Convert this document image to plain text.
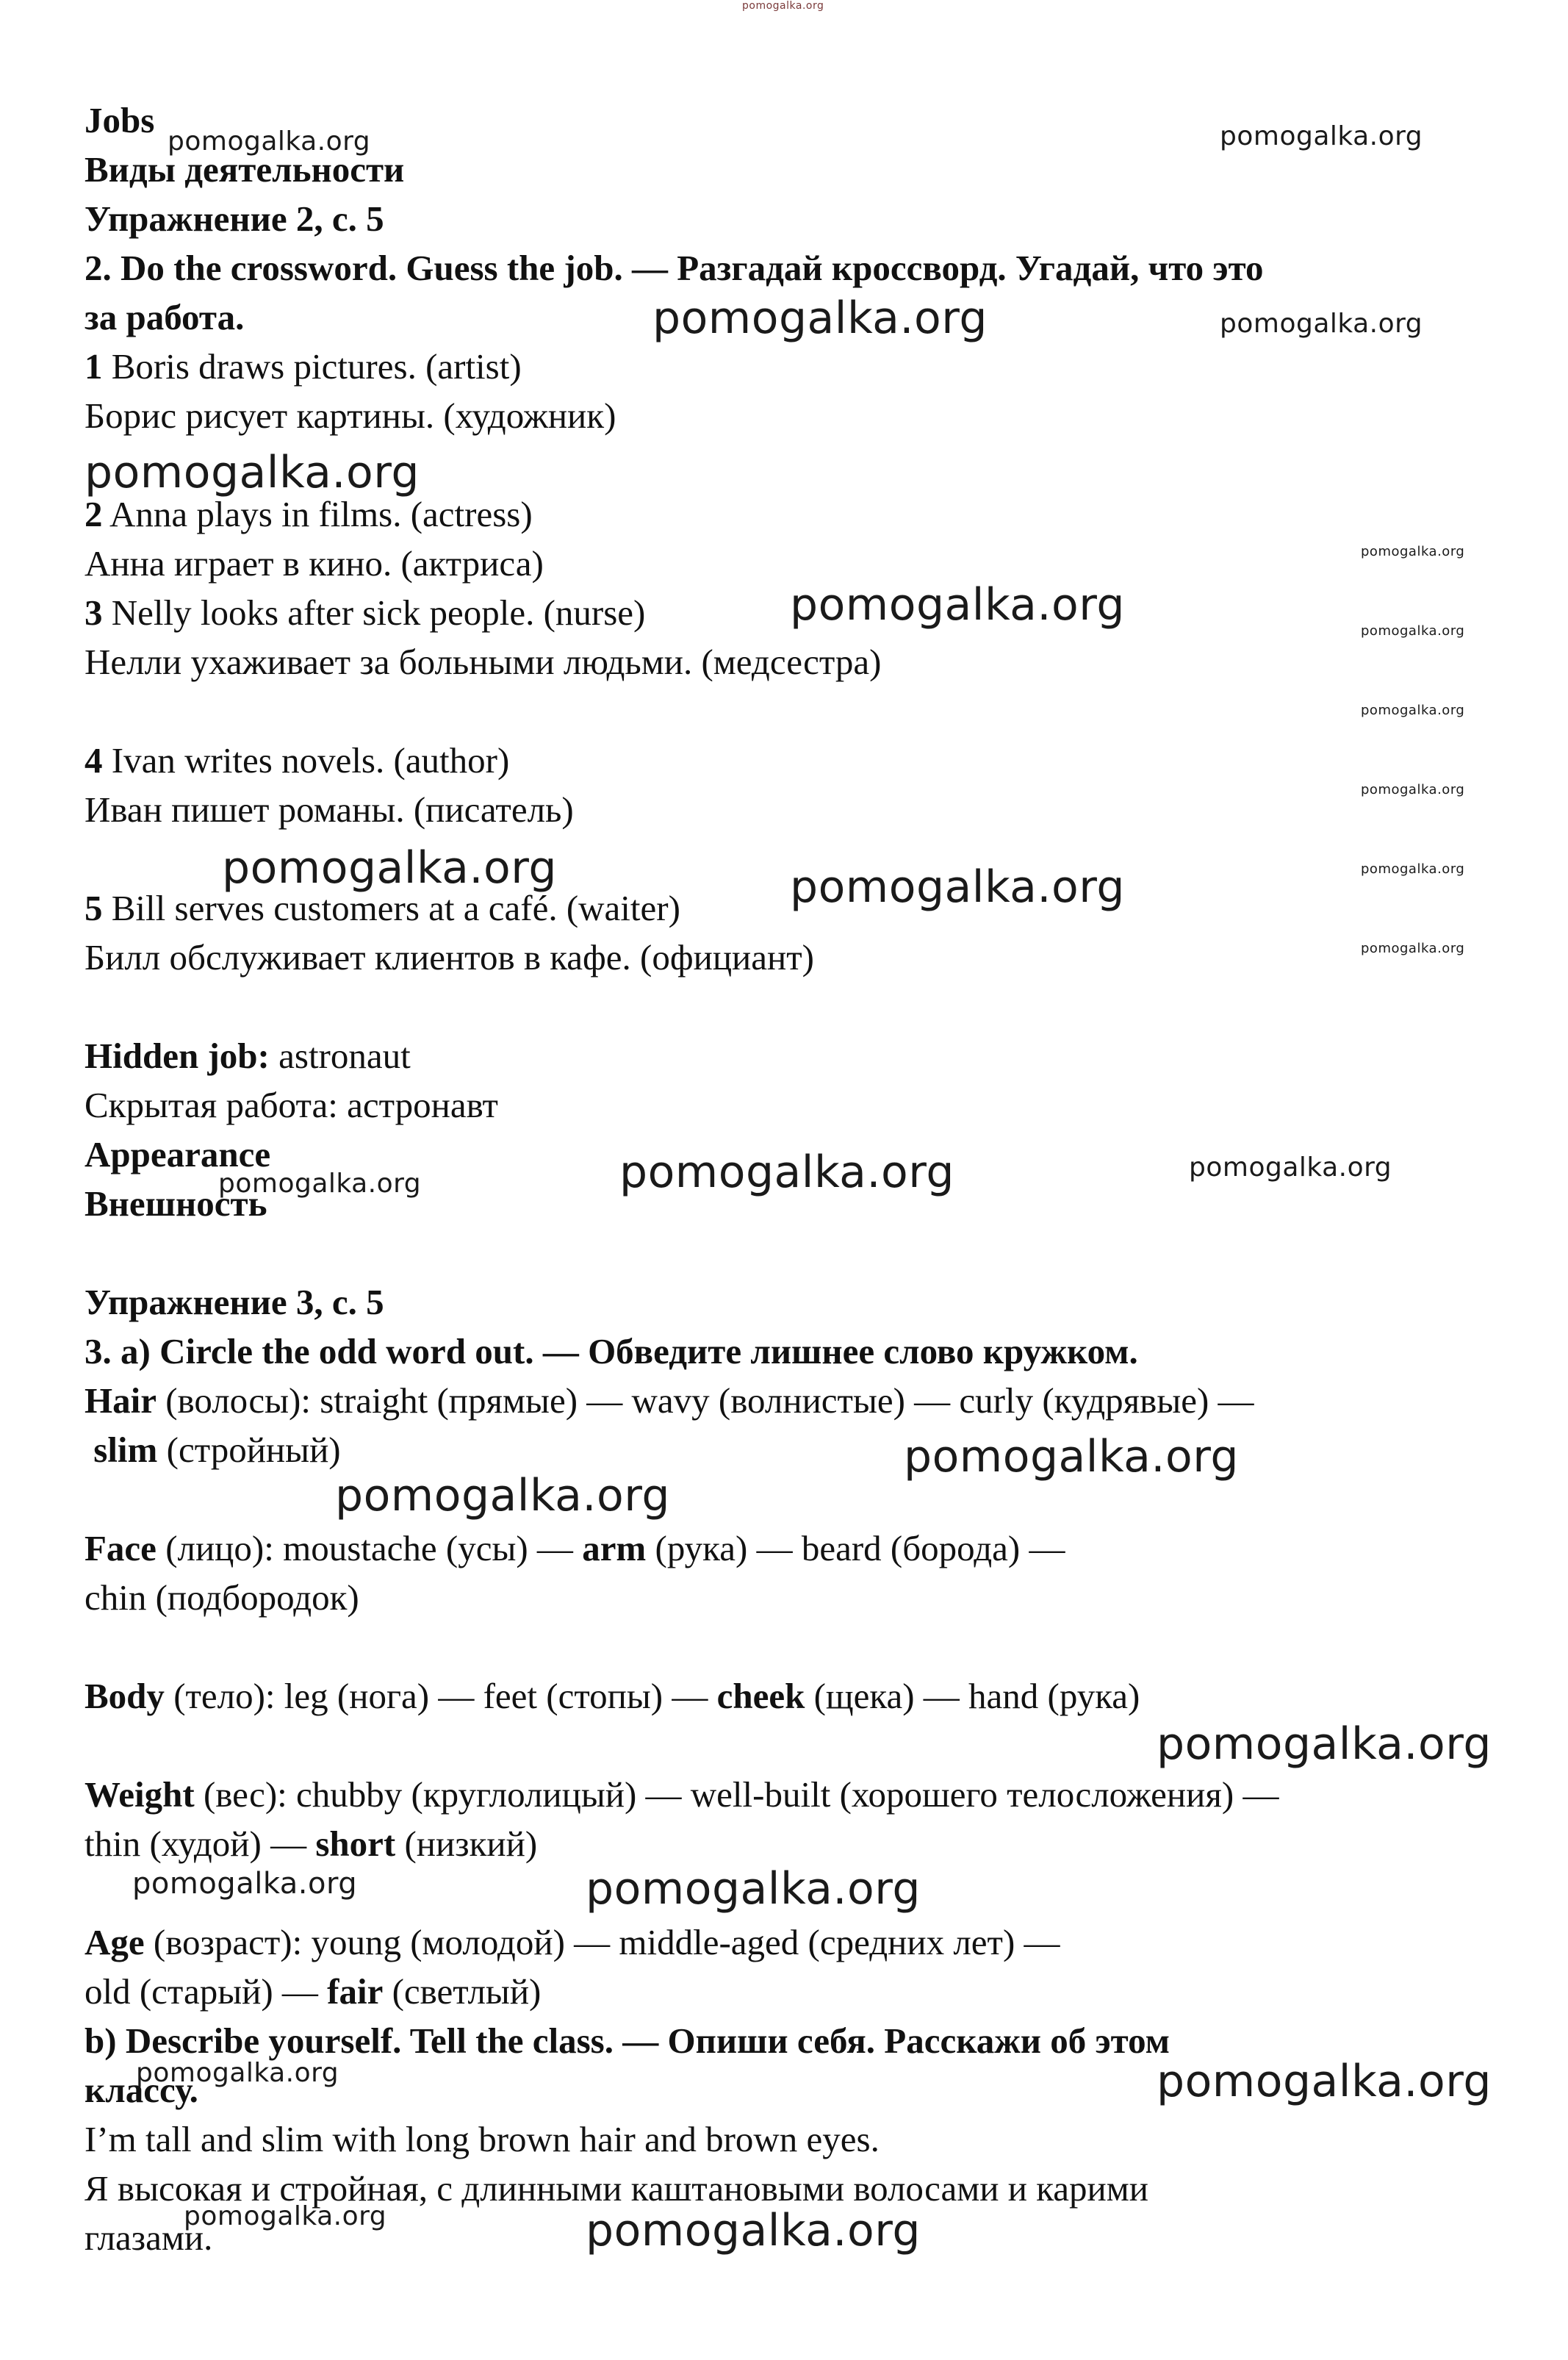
Jobs
Виды деятельности
Упражнение 2, с. 5
2. Do the crossword. Guess the job. — Разгадай кроссворд. Угадай, что это
за работа.
1 Boris draws pictures. (artist)
Борис рисует картины. (художник)
2 Anna plays in films. (actress)
Анна играет в кино. (актриса)
3 Nelly looks after sick people. (nurse)
Нелли ухаживает за больными людьми. (медсестра)
4 Ivan writes novels. (author)
Иван пишет романы. (писатель)
5 Bill serves customers at a café. (waiter)
Билл обслуживает клиентов в кафе. (официант)
Hidden job: astronaut
Скрытая работа: астронавт
Appearance
Внешность
Упражнение 3, с. 5
3. a) Circle the odd word out. — Обведите лишнее слово кружком.
Hair (волосы): straight (прямые) — wavy (волнистые) — curly (кудрявые) —
slim (стройный)
Face (лицо): moustache (усы) — arm (рука) — beard (борода) —
chin (подбородок)
Body (тело): leg (нога) — feet (стопы) — cheek (щека) — hand (рука)
Weight (вес): chubby (круглолицый) — well-built (хорошего телосложения) —
thin (худой) — short (низкий)
Age (возраст): young (молодой) — middle-aged (средних лет) —
old (старый) — fair (светлый)
b) Describe yourself. Tell the class. — Опиши себя. Расскажи об этом
классу.
I’m tall and slim with long brown hair and brown eyes.
Я высокая и стройная, с длинными каштановыми волосами и карими
глазами.
pomogalka.org
pomogalka.org	pomogalka.org
pomogalka.org	pomogalka.org
pomogalka.org
pomogalka.org
pomogalka.org
pomogalka.org
pomogalka.org
pomogalka.org
pomogalka.org	pomogalka.org
pomogalka.org
pomogalka.org
pomogalka.org
pomogalka.org
pomogalka.org
pomogalka.org
pomogalka.org
pomogalka.org
pomogalka.org	pomogalka.org
pomogalka.org	pomogalka.org
pomogalka.org	pomogalka.org
